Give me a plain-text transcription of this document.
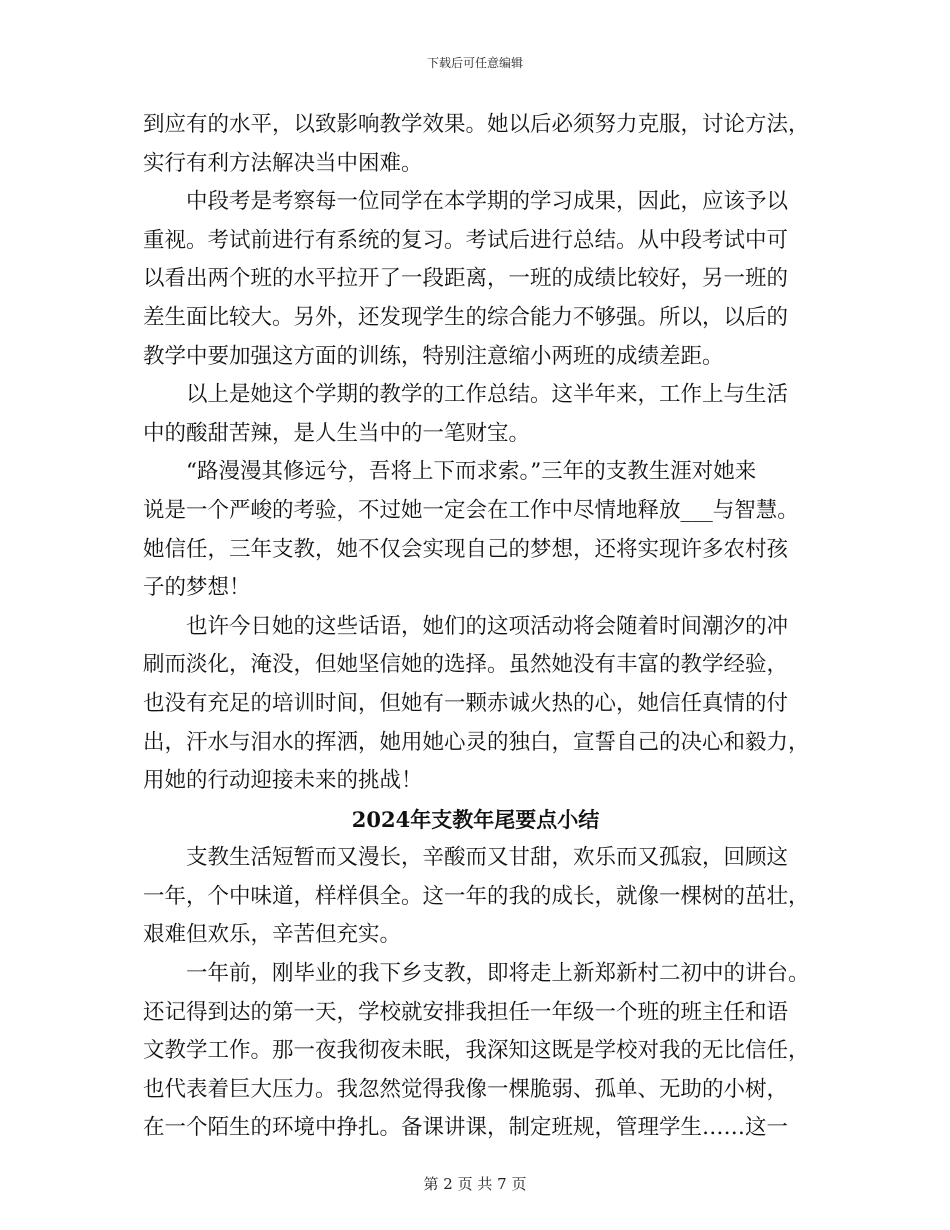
下载后可任意编辑
到应有的水平，以致影响教学效果。她以后必须努力克服，讨论方法，
实行有利方法解决当中困难。
中段考是考察每一位同学在本学期的学习成果，因此，应该予以
重视。考试前进行有系统的复习。考试后进行总结。从中段考试中可
以看出两个班的水平拉开了一段距离，一班的成绩比较好，另一班的
差生面比较大。另外，还发现学生的综合能力不够强。所以，以后的
教学中要加强这方面的训练，特别注意缩小两班的成绩差距。
以上是她这个学期的教学的工作总结。这半年来，工作上与生活
中的酸甜苦辣，是人生当中的一笔财宝。
“路漫漫其修远兮，吾将上下而求索。”三年的支教生涯对她来
说是一个严峻的考验，不过她一定会在工作中尽情地释放___与智慧。
她信任，三年支教，她不仅会实现自己的梦想，还将实现许多农村孩
子的梦想！
也许今日她的这些话语，她们的这项活动将会随着时间潮汐的冲
刷而淡化，淹没，但她坚信她的选择。虽然她没有丰富的教学经验，
也没有充足的培训时间，但她有一颗赤诚火热的心，她信任真情的付
出，汗水与泪水的挥洒，她用她心灵的独白，宣誓自己的决心和毅力，
用她的行动迎接未来的挑战！
2024年支教年尾要点小结
支教生活短暂而又漫长，辛酸而又甘甜，欢乐而又孤寂，回顾这
一年，个中味道，样样俱全。这一年的我的成长，就像一棵树的茁壮，
艰难但欢乐，辛苦但充实。
一年前，刚毕业的我下乡支教，即将走上新郑新村二初中的讲台。
还记得到达的第一天，学校就安排我担任一年级一个班的班主任和语
文教学工作。那一夜我彻夜未眠，我深知这既是学校对我的无比信任，
也代表着巨大压力。我忽然觉得我像一棵脆弱、孤单、无助的小树，
在一个陌生的环境中挣扎。备课讲课，制定班规，管理学生……这一
第 2 页 共 7 页
